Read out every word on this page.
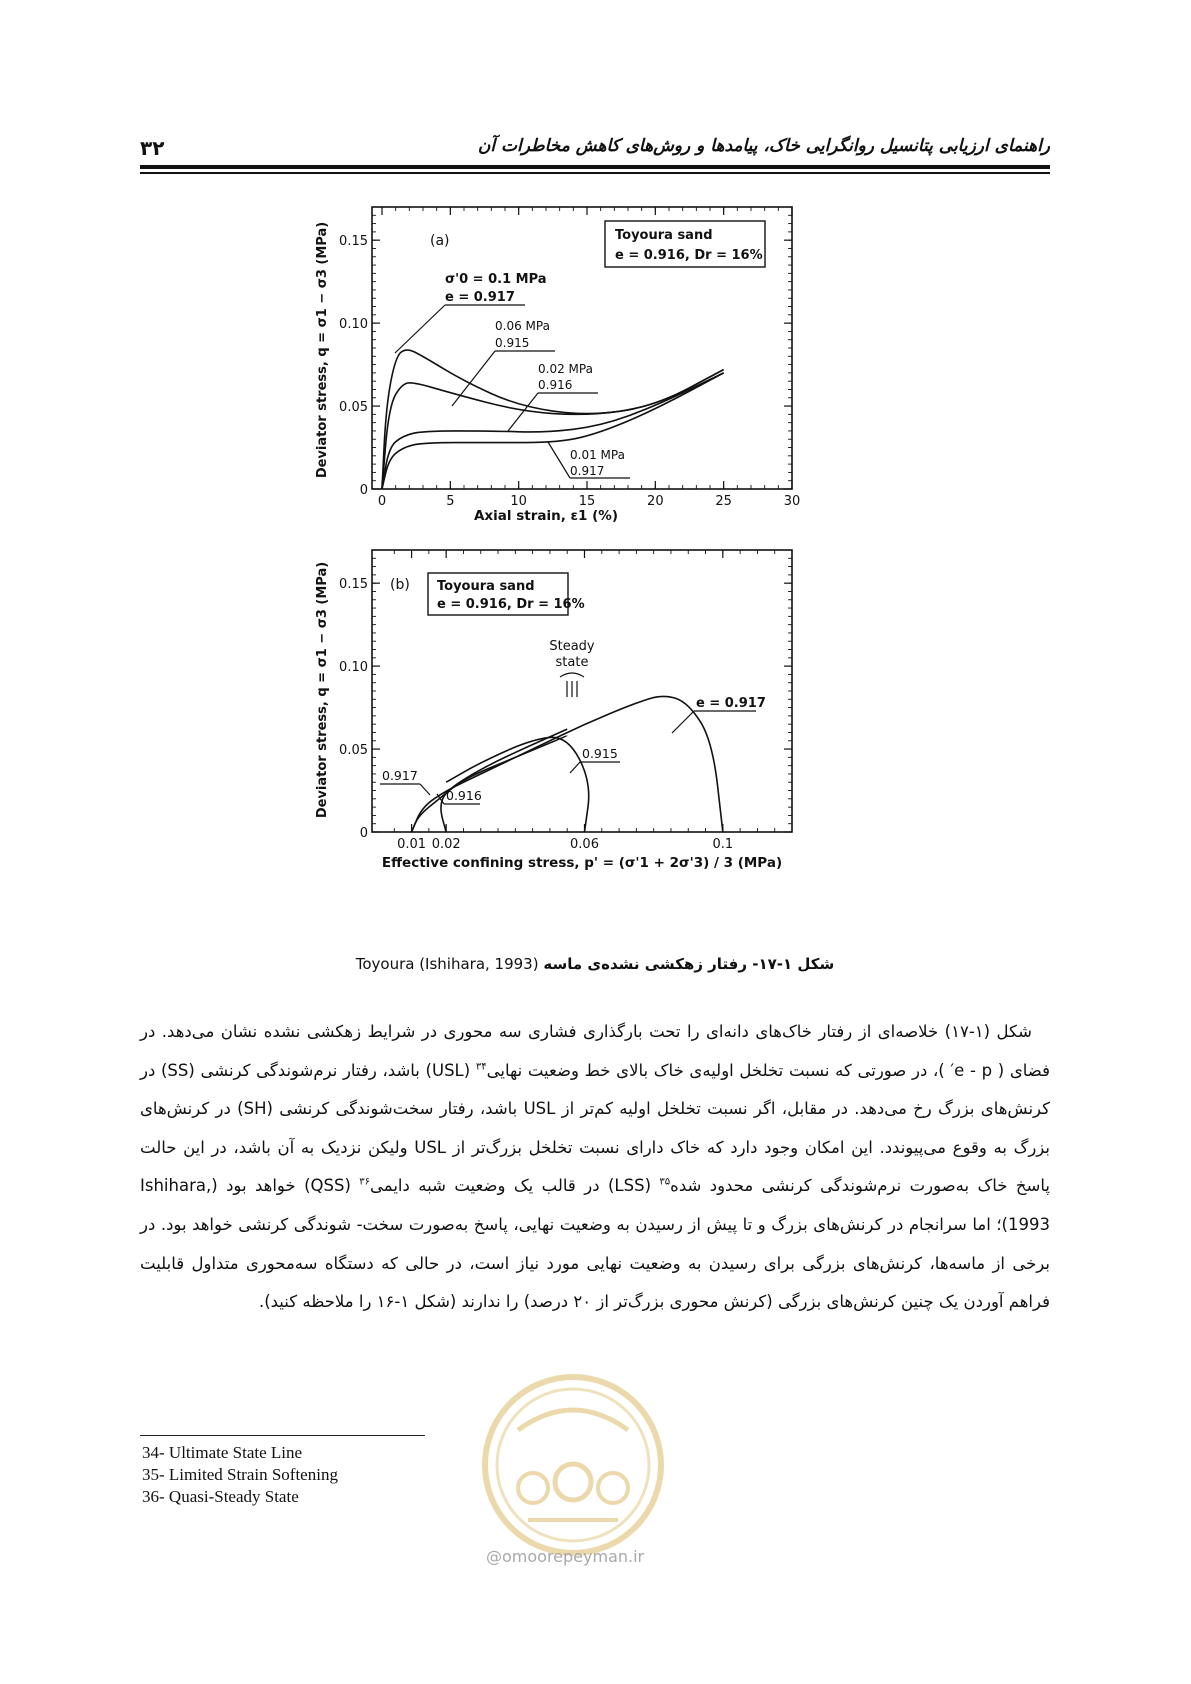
۳۲	راهنمای ارزیابی پتانسیل روانگرایی خاک، پیامدها و روش‌های کاهش مخاطرات آن
0	5	10	15	20	25	30
0
0.05
0.10
0.15	(a)	Toyoura sand
e = 0.916, Dr = 16%
σ'0 = 0.1 MPa
e = 0.917
0.06 MPa
0.915
0.02 MPa
0.916
0.01 MPa
0.917
Axial strain, ε1 (%)
Deviator stress, q = σ1 − σ3 (MPa)
0.01 0.02	0.06	0.1
0
0.05
0.10
0.15 (b) Toyoura sand
e = 0.916, Dr = 16%
Steady
state
e = 0.917
0.915
0.917
0.916
Effective confining stress, p' = (σ'1 + 2σ'3) / 3 (MPa)
Deviator stress, q = σ1 − σ3 (MPa)
شکل ۱-۱۷- رفتار زهکشی نشده‌ی ماسه Toyoura (Ishihara, 1993)

شکل (۱-۱۷) خلاصه‌ای از رفتار خاک‌های دانه‌ای را تحت بارگذاری فشاری سه محوری در شرایط زهکشی نشده نشان می‌دهد. در فضای ( e - p′ )، در صورتی که نسبت تخلخل اولیه‌ی خاک بالای خط وضعیت نهایی$^{۳۴}$ (USL) باشد، رفتار نرم‌شوندگی کرنشی (SS) در کرنش‌های بزرگ رخ می‌دهد. در مقابل، اگر نسبت تخلخل اولیه کم‌تر از USL باشد، رفتار سخت‌شوندگی کرنشی (SH) در کرنش‌های بزرگ به وقوع می‌پیوندد. این امکان وجود دارد که خاک دارای نسبت تخلخل بزرگ‌تر از USL ولیکن نزدیک به آن باشد، در این حالت پاسخ خاک به‌صورت نرم‌شوندگی کرنشی محدود شده$^{۳۵}$ (LSS) در قالب یک وضعیت شبه دایمی$^{۳۶}$ (QSS) خواهد بود (Ishihara, 1993)؛ اما سرانجام در کرنش‌های بزرگ و تا پیش از رسیدن به وضعیت نهایی، پاسخ به‌صورت سخت- شوندگی کرنشی خواهد بود. در برخی از ماسه‌ها، کرنش‌های بزرگی برای رسیدن به وضعیت نهایی مورد نیاز است، در حالی که دستگاه سه‌محوری متداول قابلیت فراهم آوردن یک چنین کرنش‌های بزرگی (کرنش محوری بزرگ‌تر از ۲۰ درصد) را ندارند (شکل ۱-۱۶ را ملاحظه کنید).

34- Ultimate State Line
35- Limited Strain Softening
36- Quasi-Steady State
@omoorepeyman.ir
